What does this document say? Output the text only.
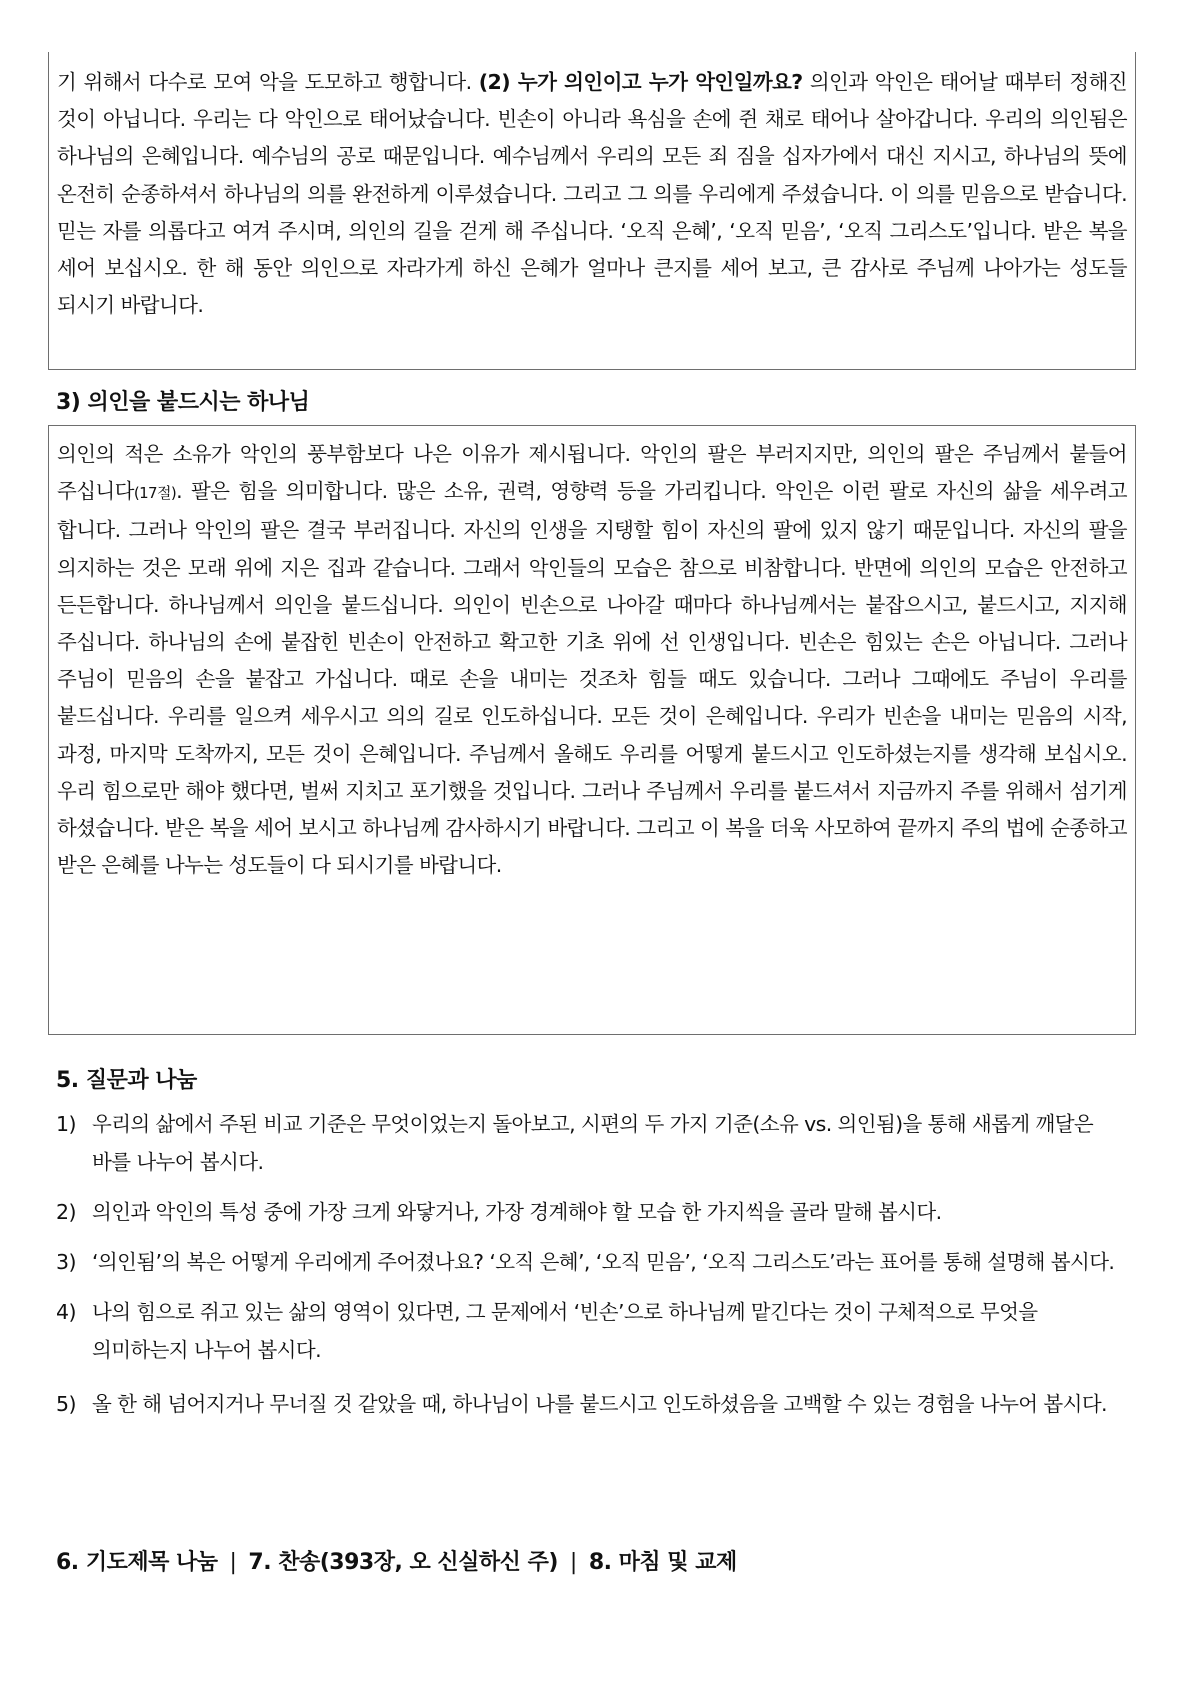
기 위해서 다수로 모여 악을 도모하고 행합니다. (2) 누가 의인이고 누가 악인일까요? 의인과 악인은 태어날 때부터 정해진 것이 아닙니다. 우리는 다 악인으로 태어났습니다. 빈손이 아니라 욕심을 손에 쥔 채로 태어나 살아갑니다. 우리의 의인됨은 하나님의 은혜입니다. 예수님의 공로 때문입니다. 예수님께서 우리의 모든 죄 짐을 십자가에서 대신 지시고, 하나님의 뜻에 온전히 순종하셔서 하나님의 의를 완전하게 이루셨습니다. 그리고 그 의를 우리에게 주셨습니다. 이 의를 믿음으로 받습니다. 믿는 자를 의롭다고 여겨 주시며, 의인의 길을 걷게 해 주십니다. ‘오직 은혜’, ‘오직 믿음’, ‘오직 그리스도’입니다. 받은 복을 세어 보십시오. 한 해 동안 의인으로 자라가게 하신 은혜가 얼마나 큰지를 세어 보고, 큰 감사로 주님께 나아가는 성도들 되시기 바랍니다.

3) 의인을 붙드시는 하나님

의인의 적은 소유가 악인의 풍부함보다 나은 이유가 제시됩니다. 악인의 팔은 부러지지만, 의인의 팔은 주님께서 붙들어 주십니다(17절). 팔은 힘을 의미합니다. 많은 소유, 권력, 영향력 등을 가리킵니다. 악인은 이런 팔로 자신의 삶을 세우려고 합니다. 그러나 악인의 팔은 결국 부러집니다. 자신의 인생을 지탱할 힘이 자신의 팔에 있지 않기 때문입니다. 자신의 팔을 의지하는 것은 모래 위에 지은 집과 같습니다. 그래서 악인들의 모습은 참으로 비참합니다. 반면에 의인의 모습은 안전하고 든든합니다. 하나님께서 의인을 붙드십니다. 의인이 빈손으로 나아갈 때마다 하나님께서는 붙잡으시고, 붙드시고, 지지해 주십니다. 하나님의 손에 붙잡힌 빈손이 안전하고 확고한 기초 위에 선 인생입니다. 빈손은 힘있는 손은 아닙니다. 그러나 주님이 믿음의 손을 붙잡고 가십니다. 때로 손을 내미는 것조차 힘들 때도 있습니다. 그러나 그때에도 주님이 우리를 붙드십니다. 우리를 일으켜 세우시고 의의 길로 인도하십니다. 모든 것이 은혜입니다. 우리가 빈손을 내미는 믿음의 시작, 과정, 마지막 도착까지, 모든 것이 은혜입니다. 주님께서 올해도 우리를 어떻게 붙드시고 인도하셨는지를 생각해 보십시오. 우리 힘으로만 해야 했다면, 벌써 지치고 포기했을 것입니다. 그러나 주님께서 우리를 붙드셔서 지금까지 주를 위해서 섬기게 하셨습니다. 받은 복을 세어 보시고 하나님께 감사하시기 바랍니다. 그리고 이 복을 더욱 사모하여 끝까지 주의 법에 순종하고 받은 은혜를 나누는 성도들이 다 되시기를 바랍니다.

5. 질문과 나눔
1) 우리의 삶에서 주된 비교 기준은 무엇이었는지 돌아보고, 시편의 두 가지 기준(소유 vs. 의인됨)을 통해 새롭게 깨달은 바를 나누어 봅시다.
2) 의인과 악인의 특성 중에 가장 크게 와닿거나, 가장 경계해야 할 모습 한 가지씩을 골라 말해 봅시다.
3) ‘의인됨’의 복은 어떻게 우리에게 주어졌나요? ‘오직 은혜’, ‘오직 믿음’, ‘오직 그리스도’라는 표어를 통해 설명해 봅시다.
4) 나의 힘으로 쥐고 있는 삶의 영역이 있다면, 그 문제에서 ‘빈손’으로 하나님께 맡긴다는 것이 구체적으로 무엇을 의미하는지 나누어 봅시다.
5) 올 한 해 넘어지거나 무너질 것 같았을 때, 하나님이 나를 붙드시고 인도하셨음을 고백할 수 있는 경험을 나누어 봅시다.
6. 기도제목 나눔 | 7. 찬송(393장, 오 신실하신 주) | 8. 마침 및 교제
